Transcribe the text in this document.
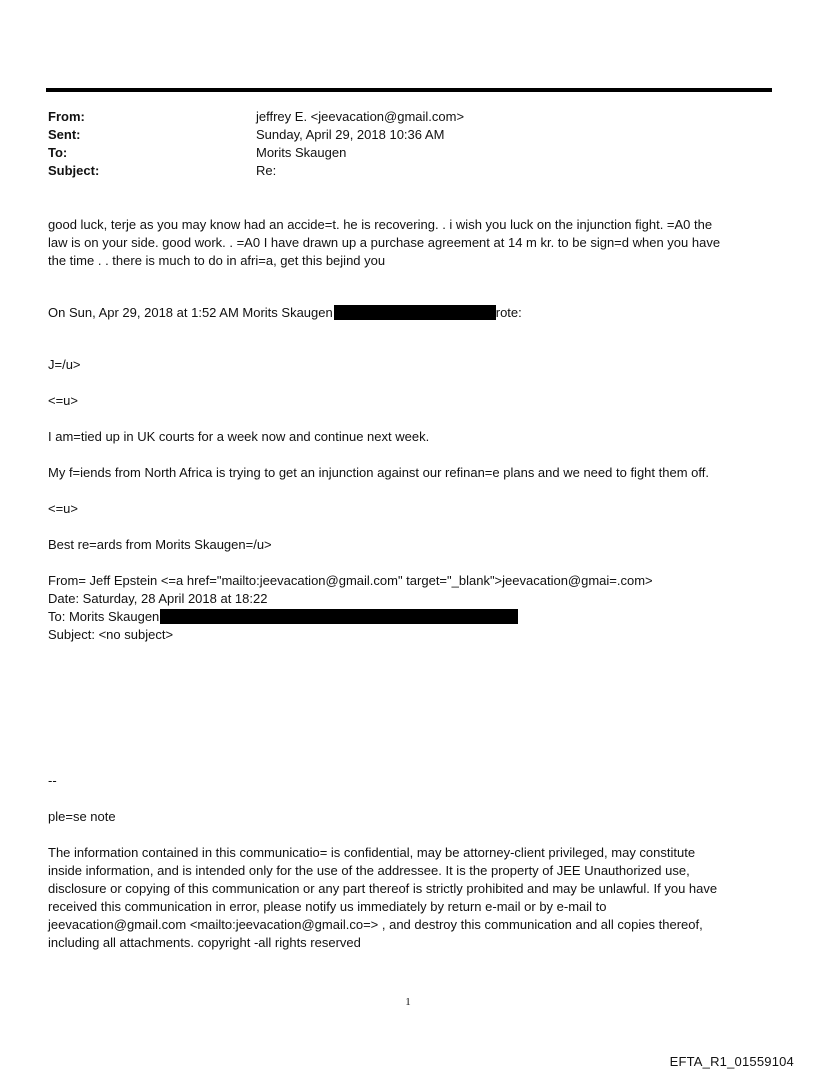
From:	jeffrey E. <jeevacation@gmail.com>
Sent:	Sunday, April 29, 2018 10:36 AM
To:	Morits Skaugen
Subject:	Re:

good luck, terje as you may know had an accide=t. he is recovering. . i wish you luck on the injunction fight. =A0 the

law is on your side. good work. . =A0 I have drawn up a purchase agreement at 14 m kr. to be sign=d when you have

the time . . there is much to do in afri=a, get this bejind you

On Sun, Apr 29, 2018 at 1:52 AM Morits Skaugen	rote:

J=/u>

<=u>

I am=tied up in UK courts for a week now and continue next week.

My f=iends from North Africa is trying to get an injunction against our refinan=e plans and we need to fight them off.

<=u>

Best re=ards from Morits Skaugen=/u>

From= Jeff Epstein <=a href="mailto:jeevacation@gmail.com" target="_blank">jeevacation@gmai=.com>

Date: Saturday, 28 April 2018 at 18:22

To: Morits Skaugen

Subject: <no subject>

--

ple=se note

The information contained in this communicatio= is confidential, may be attorney-client privileged, may constitute

inside information, and is intended only for the use of the addressee. It is the property of JEE Unauthorized use,

disclosure or copying of this communication or any part thereof is strictly prohibited and may be unlawful. If you have

received this communication in error, please notify us immediately by return e-mail or by e-mail to

jeevacation@gmail.com <mailto:jeevacation@gmail.co=> , and destroy this communication and all copies thereof,

including all attachments. copyright -all rights reserved

1
EFTA_R1_01559104
